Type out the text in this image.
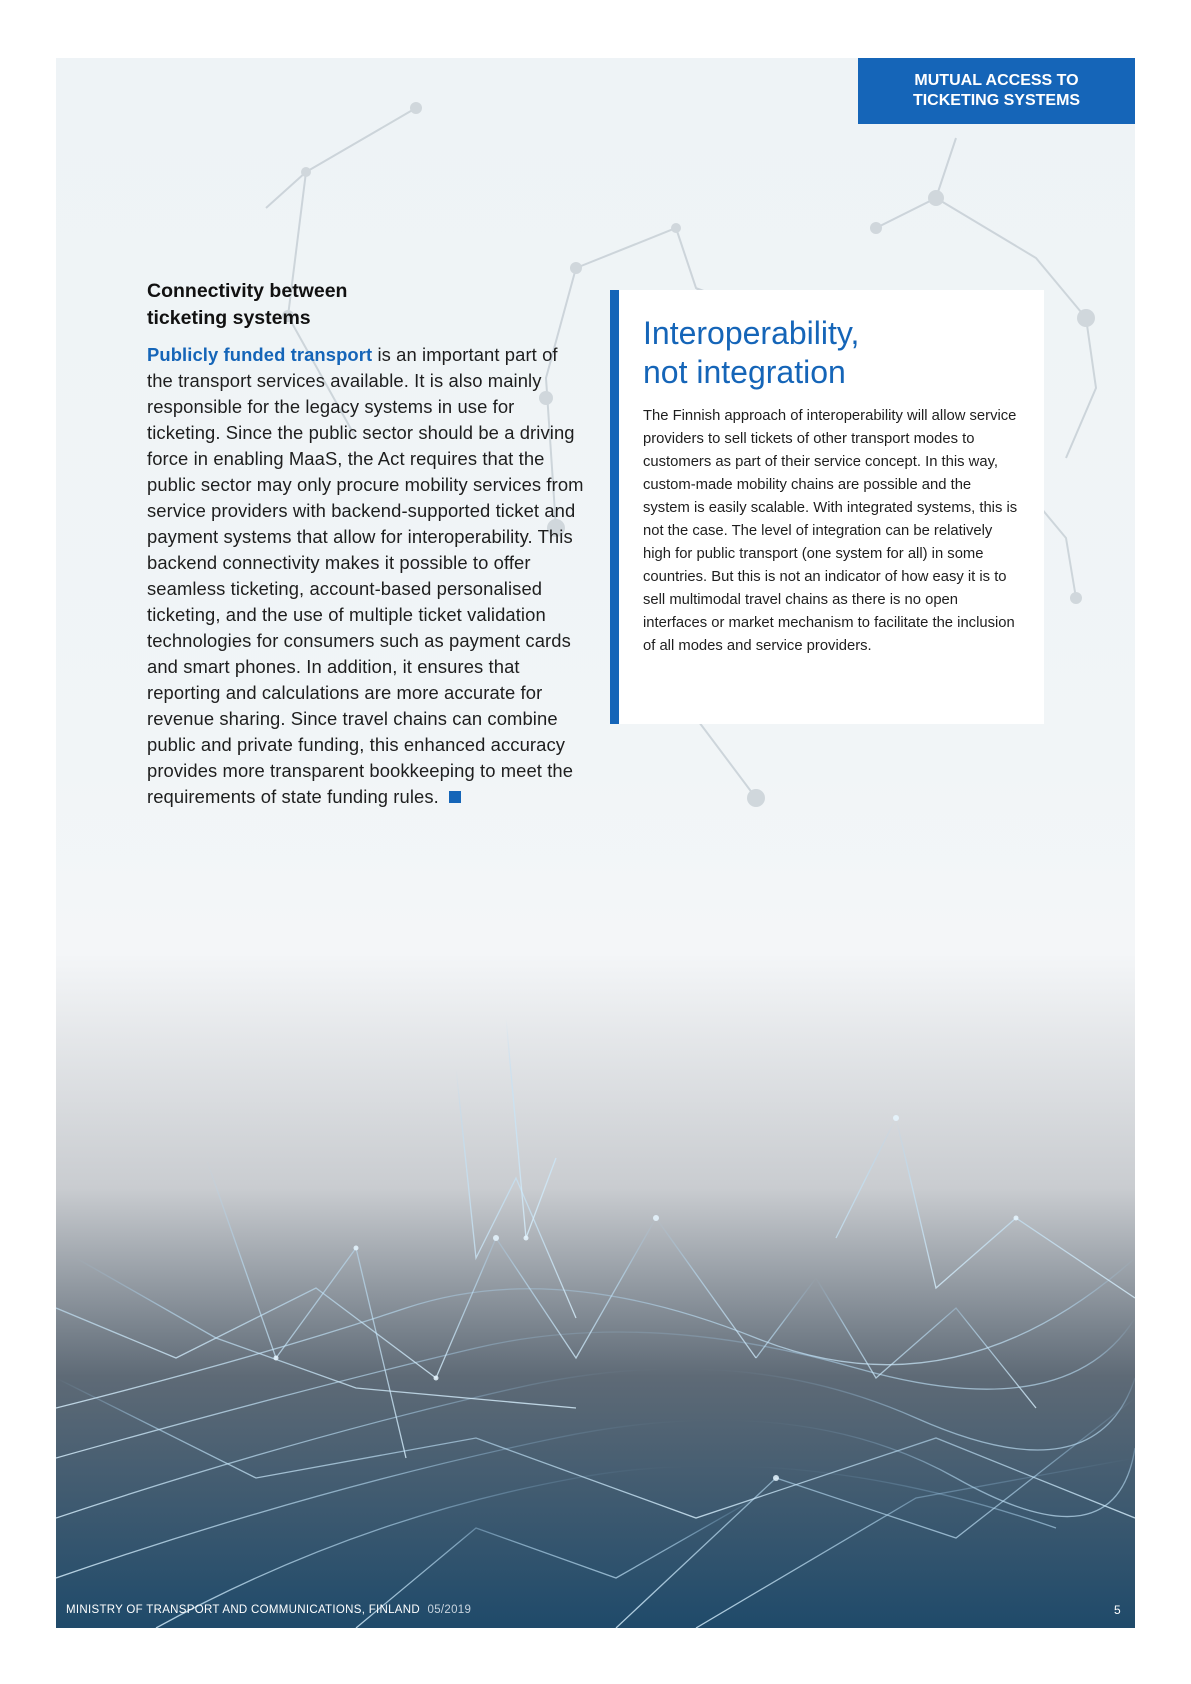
MUTUAL ACCESS TO
TICKETING SYSTEMS
Connectivity between
ticketing systems

Publicly funded transport is an important part of the transport services available. It is also mainly responsible for the legacy systems in use for ticketing. Since the public sector should be a driving force in enabling MaaS, the Act requires that the public sector may only procure mobility services from service providers with backend-supported ticket and payment systems that allow for interoperability. This backend connectivity makes it possible to offer seamless ticketing, account-based personalised ticketing, and the use of multiple ticket validation technologies for consumers such as payment cards and smart phones. In addition, it ensures that reporting and calculations are more accurate for revenue sharing. Since travel chains can combine public and private funding, this enhanced accuracy provides more transparent bookkeeping to meet the requirements of state funding rules.

Interoperability,
not integration

The Finnish approach of interoperability will allow service providers to sell tickets of other transport modes to customers as part of their service concept. In this way, custom-made mobility chains are possible and the system is easily scalable. With integrated systems, this is not the case. The level of integration can be relatively high for public transport (one system for all) in some countries. But this is not an indicator of how easy it is to sell multimodal travel chains as there is no open interfaces or market mechanism to facilitate the inclusion of all modes and service providers.

MINISTRY OF TRANSPORT AND COMMUNICATIONS, FINLAND 05/2019	5
